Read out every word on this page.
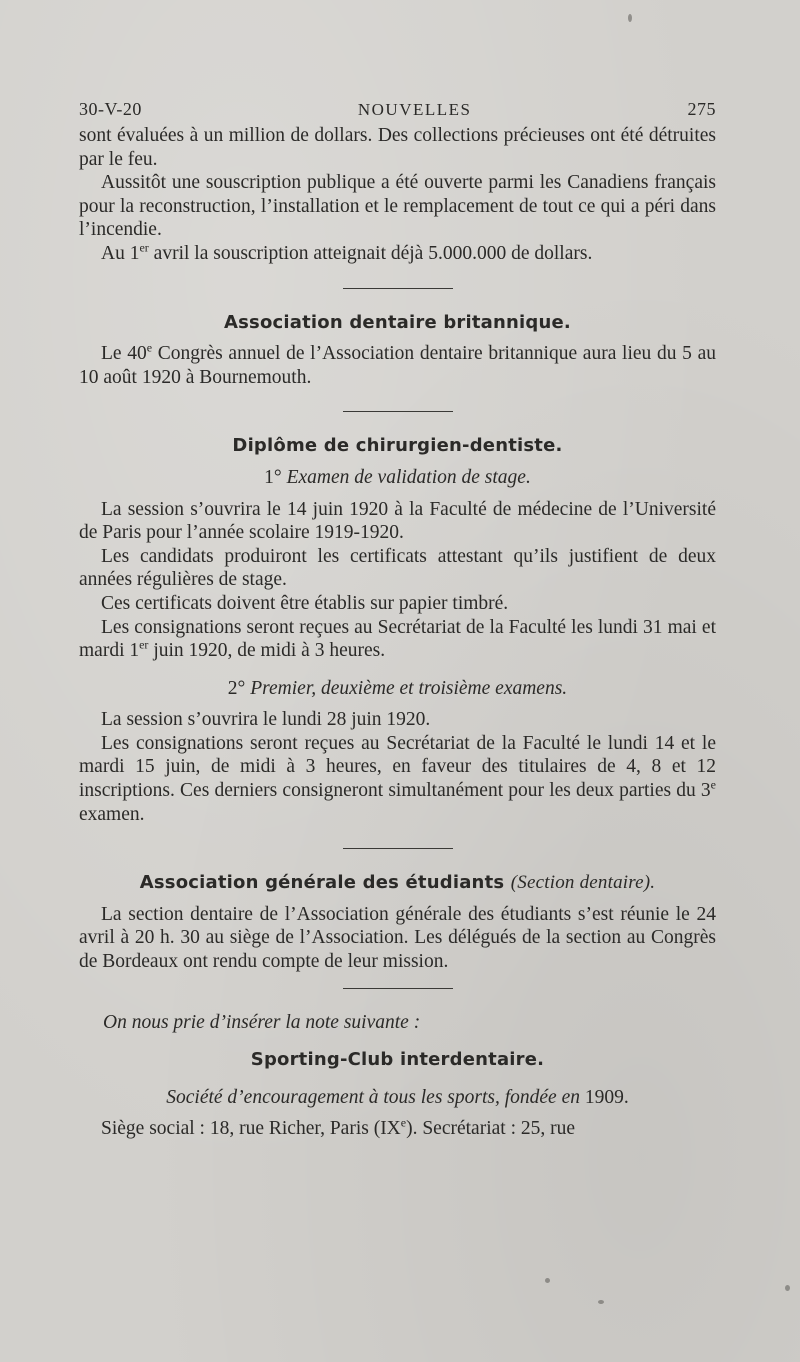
30-V-20	NOUVELLES	275

sont évaluées à un million de dollars. Des collections précieuses ont été détruites par le feu.

Aussitôt une souscription publique a été ouverte parmi les Canadiens français pour la reconstruction, l’installation et le remplacement de tout ce qui a péri dans l’incendie.

Au 1er avril la souscription atteignait déjà 5.000.000 de dollars.

Association dentaire britannique.

Le 40e Congrès annuel de l’Association dentaire britannique aura lieu du 5 au 10 août 1920 à Bournemouth.

Diplôme de chirurgien-dentiste.
1° Examen de validation de stage.

La session s’ouvrira le 14 juin 1920 à la Faculté de médecine de l’Université de Paris pour l’année scolaire 1919-1920.

Les candidats produiront les certificats attestant qu’ils justifient de deux années régulières de stage.

Ces certificats doivent être établis sur papier timbré.

Les consignations seront reçues au Secrétariat de la Faculté les lundi 31 mai et mardi 1er juin 1920, de midi à 3 heures.

2° Premier, deuxième et troisième examens.

La session s’ouvrira le lundi 28 juin 1920.

Les consignations seront reçues au Secrétariat de la Faculté le lundi 14 et le mardi 15 juin, de midi à 3 heures, en faveur des titulaires de 4, 8 et 12 inscriptions. Ces derniers consigneront simultanément pour les deux parties du 3e examen.

Association générale des étudiants (Section dentaire).

La section dentaire de l’Association générale des étudiants s’est réunie le 24 avril à 20 h. 30 au siège de l’Association. Les délégués de la section au Congrès de Bordeaux ont rendu compte de leur mission.

On nous prie d’insérer la note suivante :

Sporting-Club interdentaire.
Société d’encouragement à tous les sports, fondée en 1909.

Siège social : 18, rue Richer, Paris (IXe). Secrétariat : 25, rue
